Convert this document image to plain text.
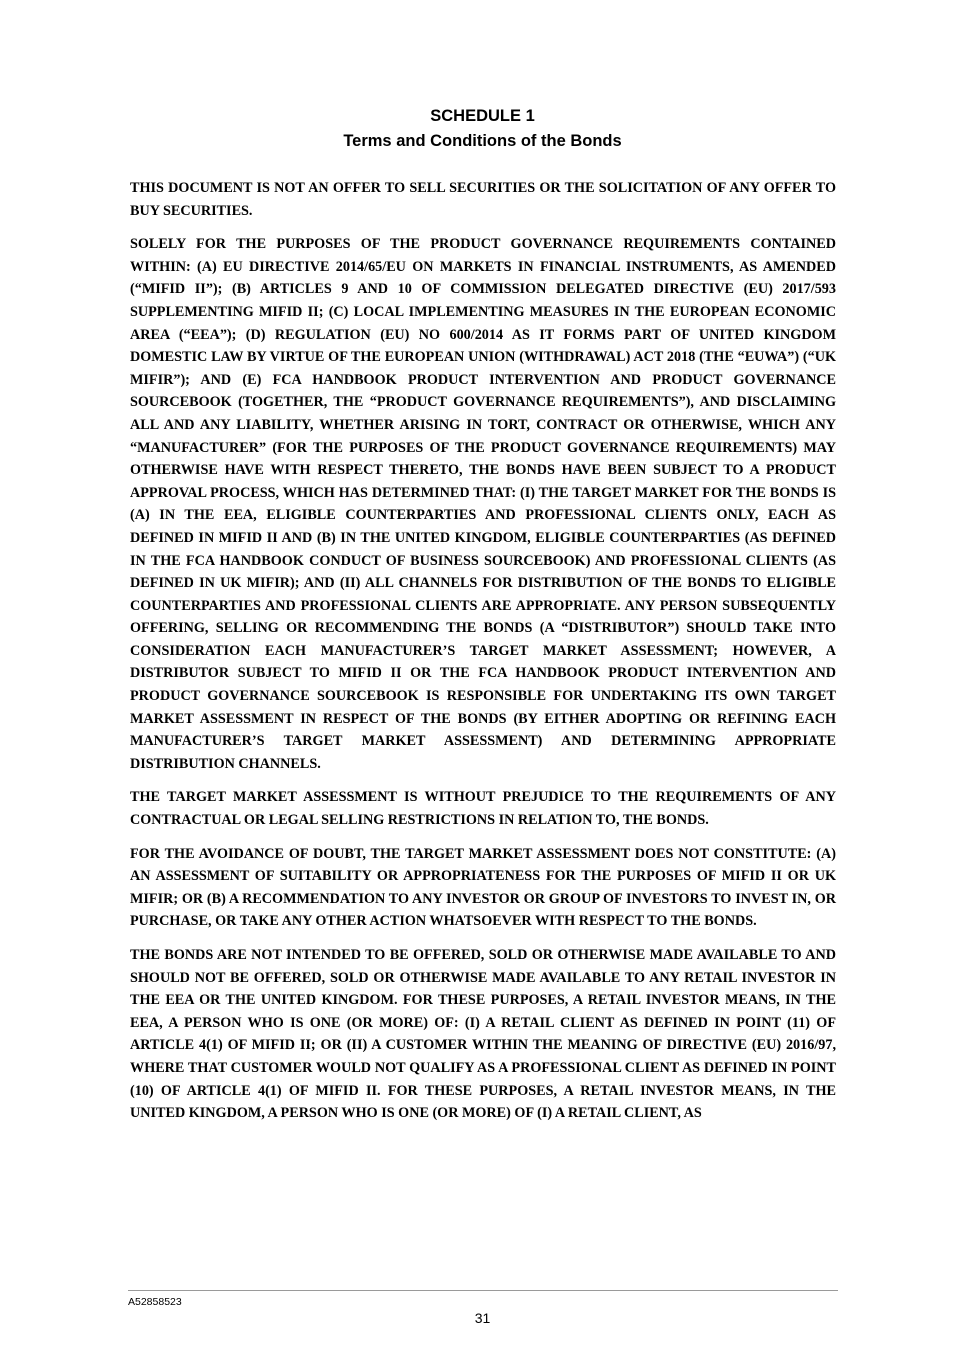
SCHEDULE 1
Terms and Conditions of the Bonds

THIS DOCUMENT IS NOT AN OFFER TO SELL SECURITIES OR THE SOLICITATION OF ANY OFFER TO BUY SECURITIES.

SOLELY FOR THE PURPOSES OF THE PRODUCT GOVERNANCE REQUIREMENTS CONTAINED WITHIN: (A) EU DIRECTIVE 2014/65/EU ON MARKETS IN FINANCIAL INSTRUMENTS, AS AMENDED (“MIFID II”); (B) ARTICLES 9 AND 10 OF COMMISSION DELEGATED DIRECTIVE (EU) 2017/593 SUPPLEMENTING MIFID II; (C) LOCAL IMPLEMENTING MEASURES IN THE EUROPEAN ECONOMIC AREA (“EEA”); (D) REGULATION (EU) NO 600/2014 AS IT FORMS PART OF UNITED KINGDOM DOMESTIC LAW BY VIRTUE OF THE EUROPEAN UNION (WITHDRAWAL) ACT 2018 (THE “EUWA”) (“UK MIFIR”); AND (E) FCA HANDBOOK PRODUCT INTERVENTION AND PRODUCT GOVERNANCE SOURCEBOOK (TOGETHER, THE “PRODUCT GOVERNANCE REQUIREMENTS”), AND DISCLAIMING ALL AND ANY LIABILITY, WHETHER ARISING IN TORT, CONTRACT OR OTHERWISE, WHICH ANY “MANUFACTURER” (FOR THE PURPOSES OF THE PRODUCT GOVERNANCE REQUIREMENTS) MAY OTHERWISE HAVE WITH RESPECT THERETO, THE BONDS HAVE BEEN SUBJECT TO A PRODUCT APPROVAL PROCESS, WHICH HAS DETERMINED THAT: (I) THE TARGET MARKET FOR THE BONDS IS (A) IN THE EEA, ELIGIBLE COUNTERPARTIES AND PROFESSIONAL CLIENTS ONLY, EACH AS DEFINED IN MIFID II AND (B) IN THE UNITED KINGDOM, ELIGIBLE COUNTERPARTIES (AS DEFINED IN THE FCA HANDBOOK CONDUCT OF BUSINESS SOURCEBOOK) AND PROFESSIONAL CLIENTS (AS DEFINED IN UK MIFIR); AND (II) ALL CHANNELS FOR DISTRIBUTION OF THE BONDS TO ELIGIBLE COUNTERPARTIES AND PROFESSIONAL CLIENTS ARE APPROPRIATE. ANY PERSON SUBSEQUENTLY OFFERING, SELLING OR RECOMMENDING THE BONDS (A “DISTRIBUTOR”) SHOULD TAKE INTO CONSIDERATION EACH MANUFACTURER’S TARGET MARKET ASSESSMENT; HOWEVER, A DISTRIBUTOR SUBJECT TO MIFID II OR THE FCA HANDBOOK PRODUCT INTERVENTION AND PRODUCT GOVERNANCE SOURCEBOOK IS RESPONSIBLE FOR UNDERTAKING ITS OWN TARGET MARKET ASSESSMENT IN RESPECT OF THE BONDS (BY EITHER ADOPTING OR REFINING EACH MANUFACTURER’S TARGET MARKET ASSESSMENT) AND DETERMINING APPROPRIATE DISTRIBUTION CHANNELS.

THE TARGET MARKET ASSESSMENT IS WITHOUT PREJUDICE TO THE REQUIREMENTS OF ANY CONTRACTUAL OR LEGAL SELLING RESTRICTIONS IN RELATION TO, THE BONDS.

FOR THE AVOIDANCE OF DOUBT, THE TARGET MARKET ASSESSMENT DOES NOT CONSTITUTE: (A) AN ASSESSMENT OF SUITABILITY OR APPROPRIATENESS FOR THE PURPOSES OF MIFID II OR UK MIFIR; OR (B) A RECOMMENDATION TO ANY INVESTOR OR GROUP OF INVESTORS TO INVEST IN, OR PURCHASE, OR TAKE ANY OTHER ACTION WHATSOEVER WITH RESPECT TO THE BONDS.

THE BONDS ARE NOT INTENDED TO BE OFFERED, SOLD OR OTHERWISE MADE AVAILABLE TO AND SHOULD NOT BE OFFERED, SOLD OR OTHERWISE MADE AVAILABLE TO ANY RETAIL INVESTOR IN THE EEA OR THE UNITED KINGDOM. FOR THESE PURPOSES, A RETAIL INVESTOR MEANS, IN THE EEA, A PERSON WHO IS ONE (OR MORE) OF: (I) A RETAIL CLIENT AS DEFINED IN POINT (11) OF ARTICLE 4(1) OF MIFID II; OR (II) A CUSTOMER WITHIN THE MEANING OF DIRECTIVE (EU) 2016/97, WHERE THAT CUSTOMER WOULD NOT QUALIFY AS A PROFESSIONAL CLIENT AS DEFINED IN POINT (10) OF ARTICLE 4(1) OF MIFID II. FOR THESE PURPOSES, A RETAIL INVESTOR MEANS, IN THE UNITED KINGDOM, A PERSON WHO IS ONE (OR MORE) OF (I) A RETAIL CLIENT, AS

A52858523
31
